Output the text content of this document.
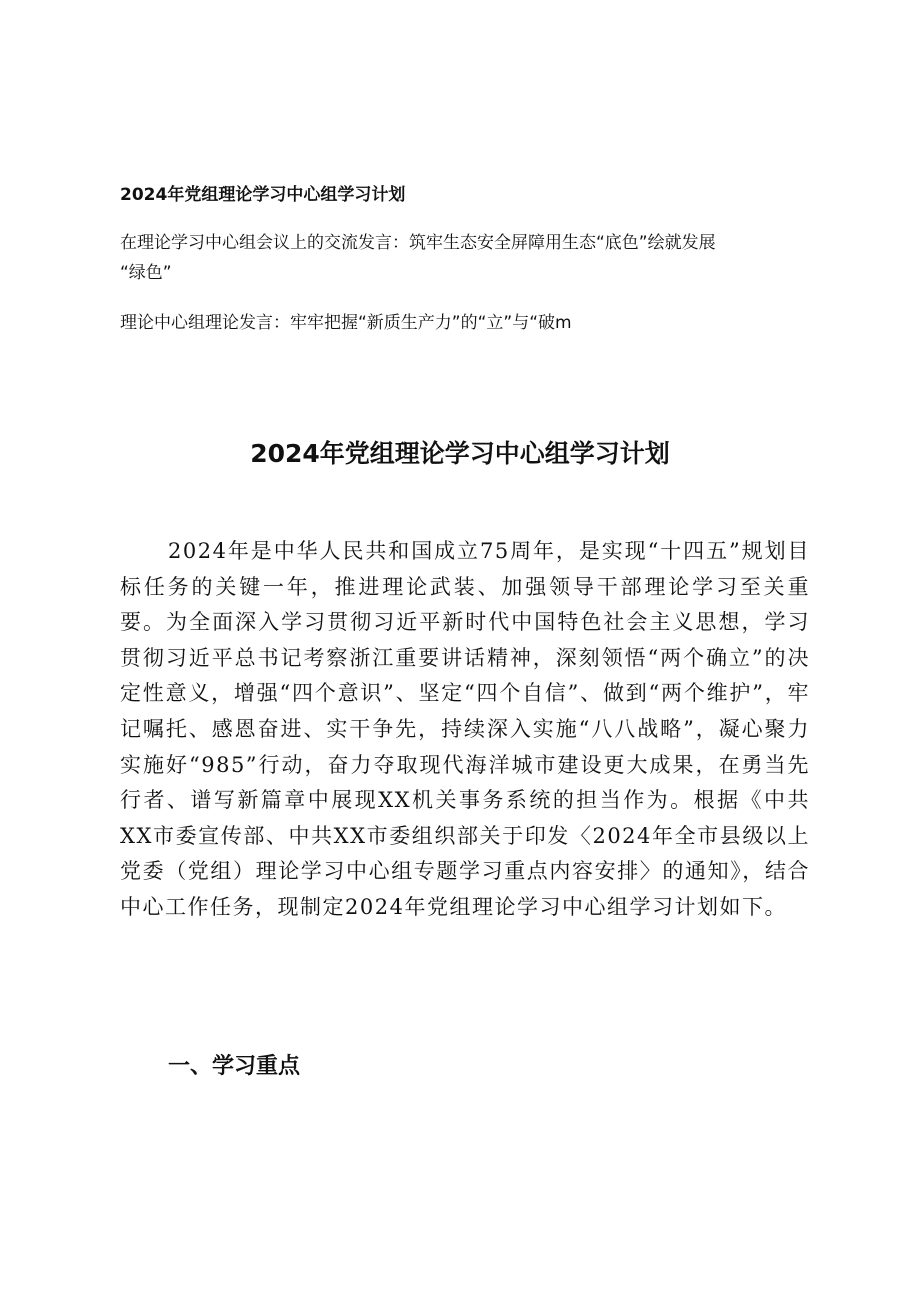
2024年党组理论学习中心组学习计划

在理论学习中心组会议上的交流发言：筑牢生态安全屏障用生态“底色”绘就发展

“绿色”

理论中心组理论发言：牢牢把握“新质生产力”的“立”与“破m

2024年党组理论学习中心组学习计划

2024年是中华人民共和国成立75周年，是实现“十四五”规划目标任务的关键一年，推进理论武装、加强领导干部理论学习至关重要。为全面深入学习贯彻习近平新时代中国特色社会主义思想，学习贯彻习近平总书记考察浙江重要讲话精神，深刻领悟“两个确立”的决定性意义，增强“四个意识”、坚定“四个自信”、做到“两个维护”，牢记嘱托、感恩奋进、实干争先，持续深入实施“八八战略”，凝心聚力实施好“985”行动，奋力夺取现代海洋城市建设更大成果，在勇当先行者、谱写新篇章中展现XX机关事务系统的担当作为。根据《中共XX市委宣传部、中共XX市委组织部关于印发〈2024年全市县级以上党委（党组）理论学习中心组专题学习重点内容安排〉的通知》，结合中心工作任务，现制定2024年党组理论学习中心组学习计划如下。

一、学习重点
